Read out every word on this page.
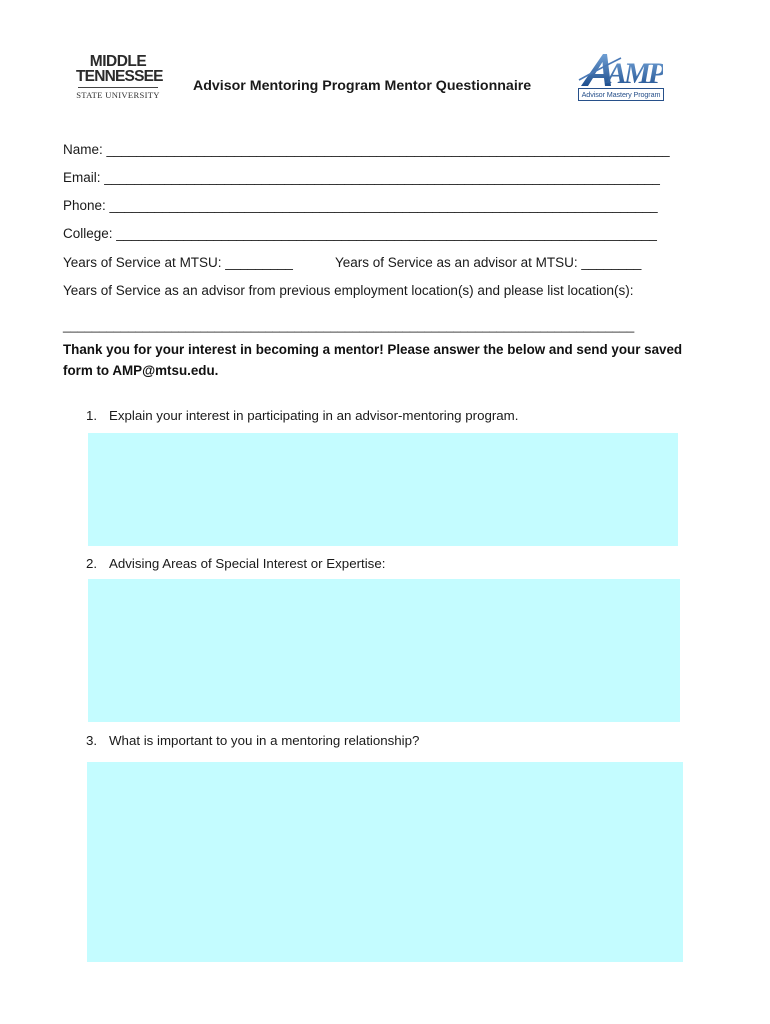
MIDDLE
TENNESSEE
STATE UNIVERSITY
Advisor Mentoring Program Mentor Questionnaire	AMP
Advisor Mastery Program
Name: ___________________________________________________________________________
Email: __________________________________________________________________________
Phone: _________________________________________________________________________
College: ________________________________________________________________________
Years of Service at MTSU: _________	Years of Service as an advisor at MTSU: ________
Years of Service as an advisor from previous employment location(s) and please list location(s):
_______________________________________________________________________________
Thank you for your interest in becoming a mentor! Please answer the below and send your saved form to AMP@mtsu.edu.
1. Explain your interest in participating in an advisor-mentoring program.
2. Advising Areas of Special Interest or Expertise:
3. What is important to you in a mentoring relationship?
